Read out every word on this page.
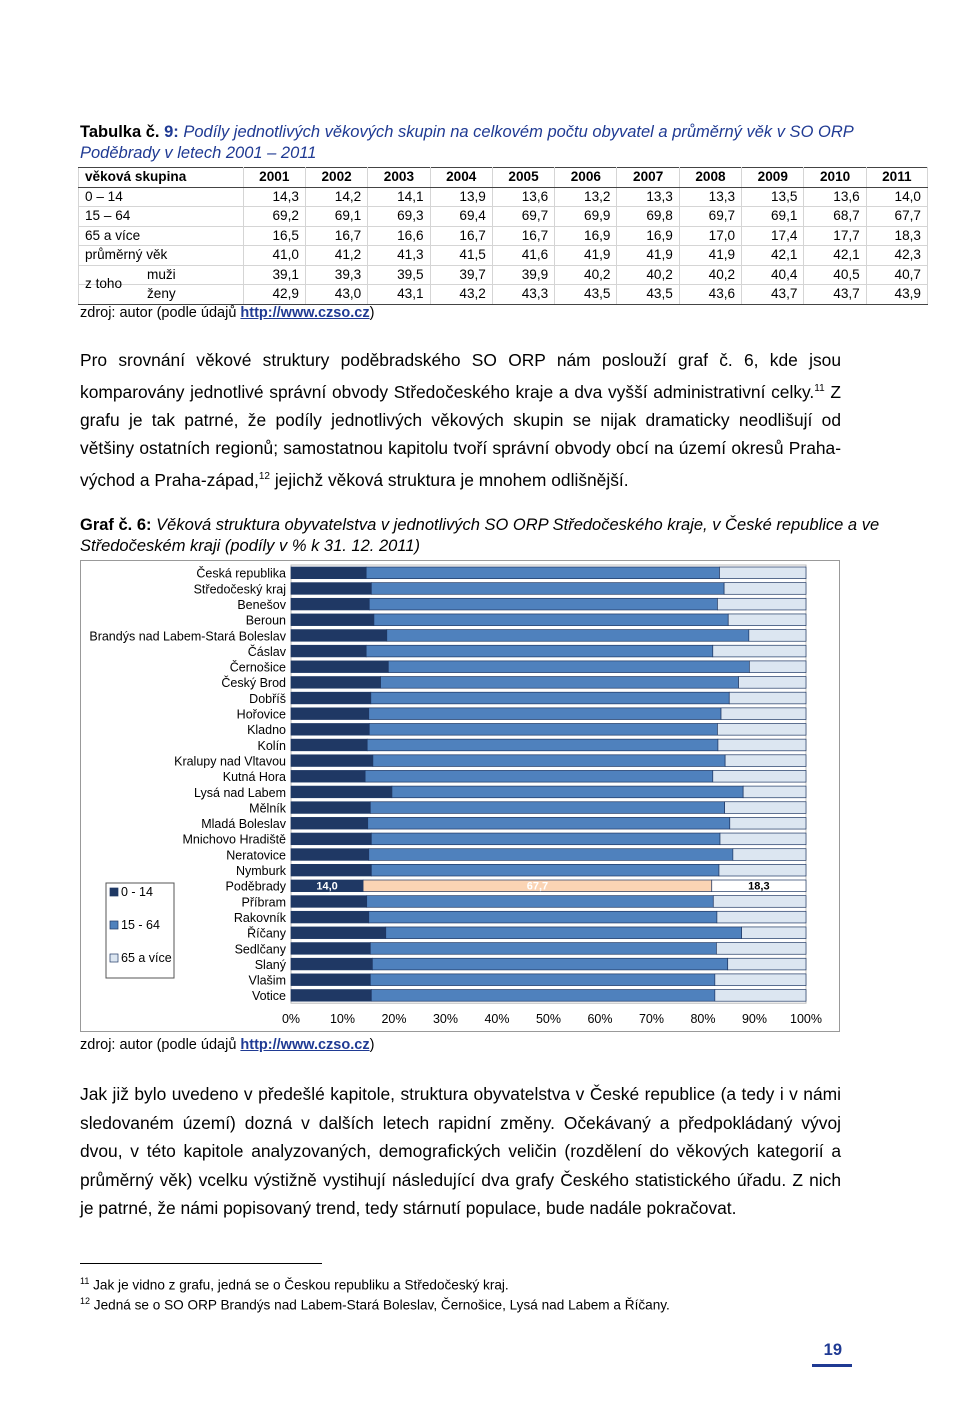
Tabulka č. 9: Podíly jednotlivých věkových skupin na celkovém počtu obyvatel a průměrný věk v SO ORP Poděbrady v letech 2001 – 2011
věková skupina	2001	2002	2003	2004	2005	2006	2007	2008	2009	2010	2011
0 – 14	14,3	14,2	14,1	13,9	13,6	13,2	13,3	13,3	13,5	13,6	14,0
15 – 64	69,2	69,1	69,3	69,4	69,7	69,9	69,8	69,7	69,1	68,7	67,7
65 a více	16,5	16,7	16,6	16,7	16,7	16,9	16,9	17,0	17,4	17,7	18,3
průměrný věk	41,0	41,2	41,3	41,5	41,6	41,9	41,9	41,9	42,1	42,1	42,3

z toho
muži	39,1	39,3	39,5	39,7	39,9	40,2	40,2	40,2	40,4	40,5	40,7

ženy	42,9	43,0	43,1	43,2	43,3	43,5	43,5	43,6	43,7	43,7	43,9
zdroj: autor (podle údajů http://www.czso.cz)
Pro srovnání věkové struktury poděbradského SO ORP nám poslouží graf č. 6, kde jsou komparovány jednotlivé správní obvody Středočeského kraje a dva vyšší administrativní celky.$^{11}$ Z grafu je tak patrné, že podíly jednotlivých věkových skupin se nijak dramaticky neodlišují od většiny ostatních regionů; samostatnou kapitolu tvoří správní obvody obcí na území okresů Praha-východ a Praha-západ,$^{12}$ jejichž věková struktura je mnohem odlišnější.
Graf č. 6: Věková struktura obyvatelstva v jednotlivých SO ORP Středočeského kraje, v České republice a ve Středočeském kraji (podíly v % k 31. 12. 2011)
Česká republika
Středočeský kraj
Benešov
Beroun
Brandýs nad Labem-Stará Boleslav
Čáslav
Černošice
Český Brod
Dobříš
Hořovice
Kladno
Kolín
Kralupy nad Vltavou
Kutná Hora
Lysá nad Labem
Mělník
Mladá Boleslav
Mnichovo Hradiště
Neratovice
Nymburk
Poděbrady	14,0	67,7	18,3
Příbram
Rakovník
Říčany
Sedlčany
Slaný
Vlašim
Votice
0% 10% 20% 30% 40% 50% 60% 70% 80% 90% 100%
0 - 14
15 - 64
65 a více
zdroj: autor (podle údajů http://www.czso.cz)
Jak již bylo uvedeno v předešlé kapitole, struktura obyvatelstva v České republice (a tedy i v námi sledovaném území) dozná v dalších letech rapidní změny. Očekávaný a předpokládaný vývoj dvou, v této kapitole analyzovaných, demografických veličin (rozdělení do věkových kategorií a průměrný věk) vcelku výstižně vystihují následující dva grafy Českého statistického úřadu. Z nich je patrné, že námi popisovaný trend, tedy stárnutí populace, bude nadále pokračovat.
$^{11}$ Jak je vidno z grafu, jedná se o Českou republiku a Středočeský kraj.
$^{12}$ Jedná se o SO ORP Brandýs nad Labem-Stará Boleslav, Černošice, Lysá nad Labem a Říčany.
19
